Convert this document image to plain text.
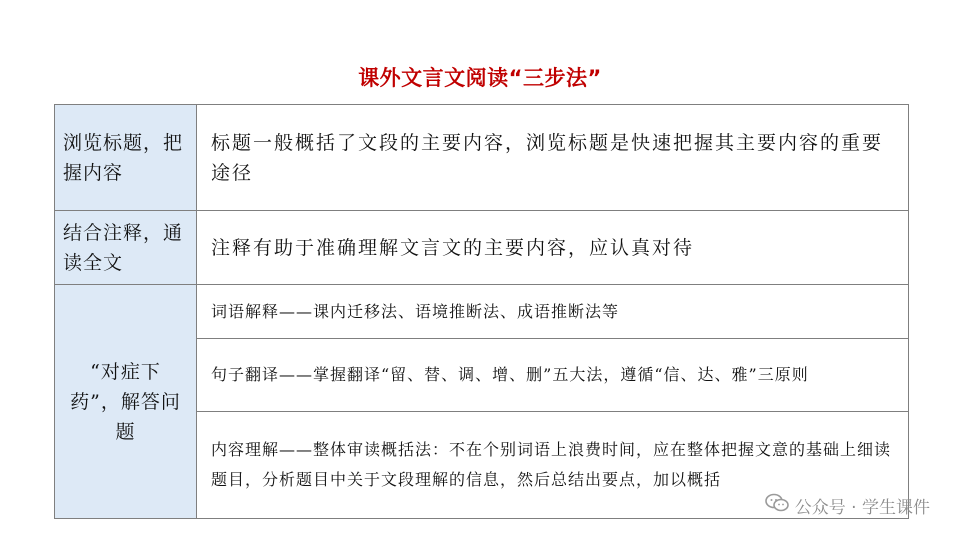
课外文言文阅读“三步法”
浏览标题，把握内容	标题一般概括了文段的主要内容，浏览标题是快速把握其主要内容的重要途径
结合注释，通读全文	注释有助于准确理解文言文的主要内容，应认真对待
“对症下药”，解答问题	词语解释——课内迁移法、语境推断法、成语推断法等
	句子翻译——掌握翻译“留、替、调、增、删”五大法，遵循“信、达、雅”三原则
	内容理解——整体审读概括法：不在个别词语上浪费时间，应在整体把握文意的基础上细读题目，分析题目中关于文段理解的信息，然后总结出要点，加以概括
公众号 · 学生课件
